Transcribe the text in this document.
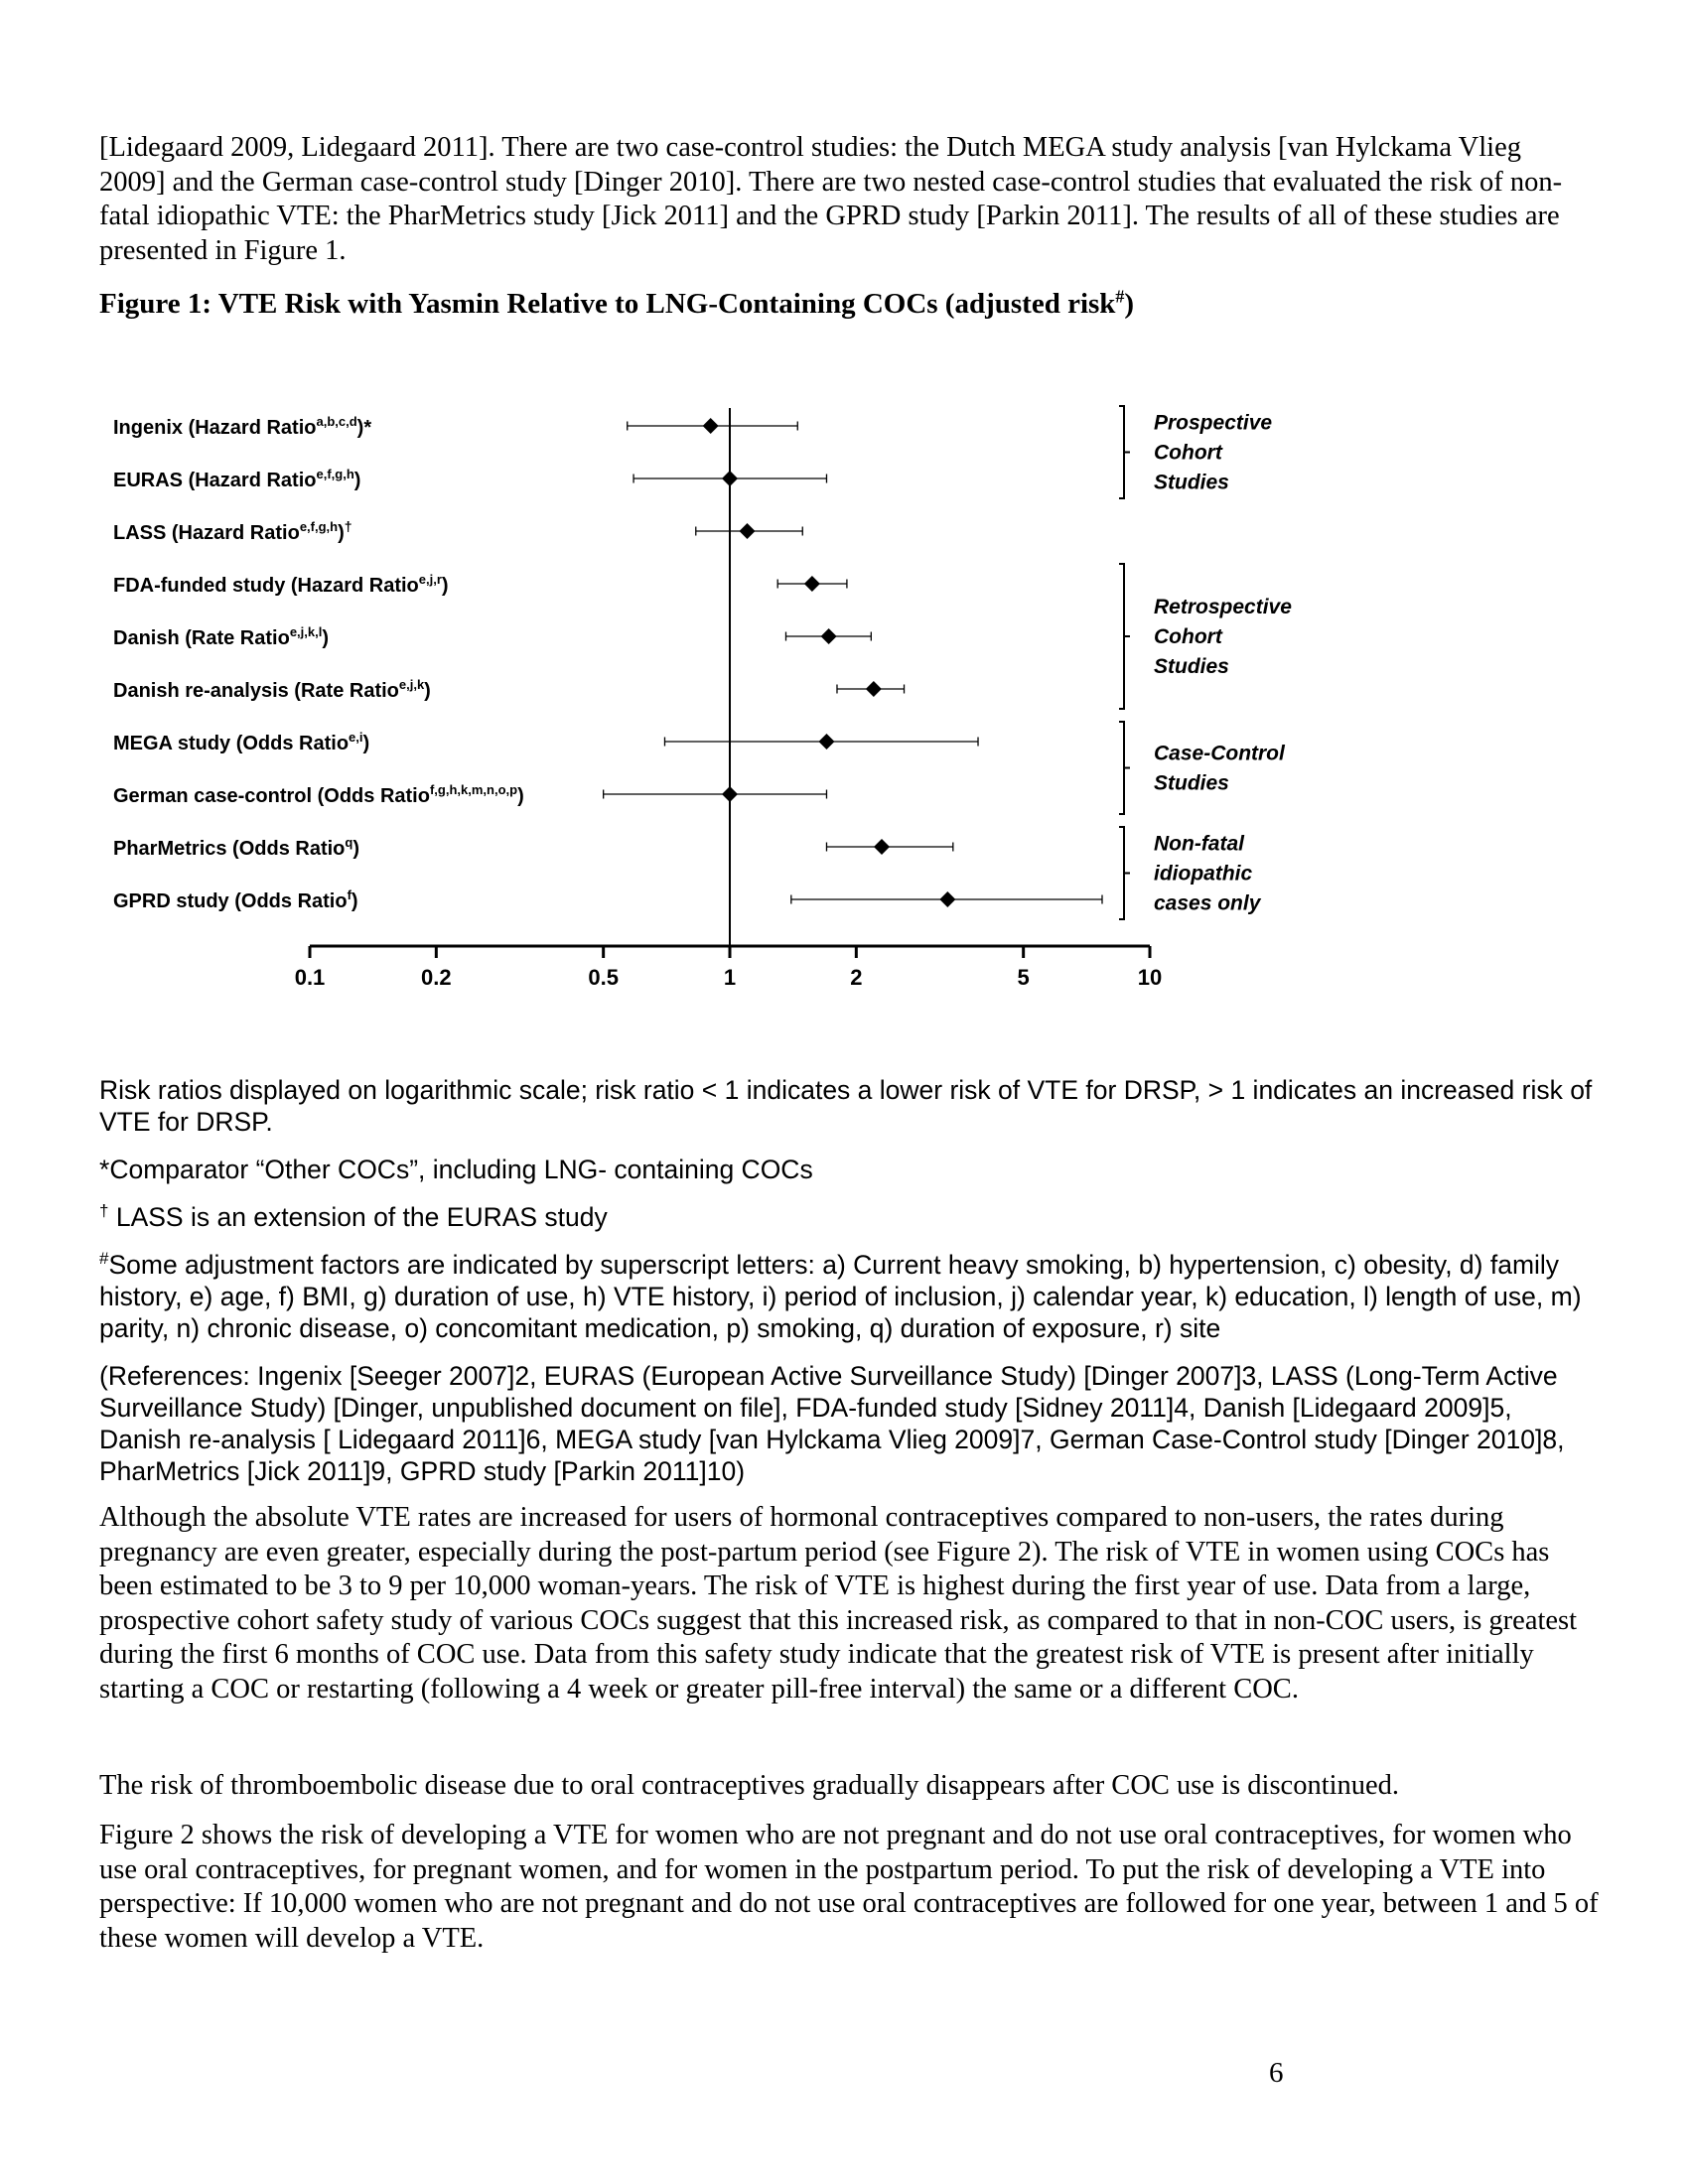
[Lidegaard 2009, Lidegaard 2011]. There are two case-control studies: the Dutch MEGA study analysis [van Hylckama Vlieg 2009] and the German case-control study [Dinger 2010]. There are two nested case-control studies that evaluated the risk of non-fatal idiopathic VTE: the PharMetrics study [Jick 2011] and the GPRD study [Parkin 2011]. The results of all of these studies are presented in Figure 1.

Figure 1: VTE Risk with Yasmin Relative to LNG-Containing COCs (adjusted risk#)
Ingenix (Hazard Ratio$^{a,b,c,d}$)*
EURAS (Hazard Ratio$^{e,f,g,h}$)
LASS (Hazard Ratio$^{e,f,g,h}$)†
FDA-funded study (Hazard Ratio$^{e,j,r}$)
Danish (Rate Ratio$^{e,j,k,l}$)
Danish re-analysis (Rate Ratio$^{e,j,k}$)
MEGA study (Odds Ratio$^{e,i}$)
German case-control (Odds Ratio$^{f,g,h,k,m,n,o,p}$)
PharMetrics (Odds Ratio$^q$)
GPRD study (Odds Ratio$^f$)
0.1	0.2	0.5	1	2	5	10
Prospective
Cohort
Studies
Retrospective
Cohort
Studies
Case-Control
Studies
Non-fatal
idiopathic
cases only
Risk ratios displayed on logarithmic scale; risk ratio < 1 indicates a lower risk of VTE for DRSP, > 1 indicates an increased risk of VTE for DRSP.
*Comparator “Other COCs”, including LNG- containing COCs
† LASS is an extension of the EURAS study
#Some adjustment factors are indicated by superscript letters: a) Current heavy smoking, b) hypertension, c) obesity, d) family history, e) age, f) BMI, g) duration of use, h) VTE history, i) period of inclusion, j) calendar year, k) education, l) length of use, m) parity, n) chronic disease, o) concomitant medication, p) smoking, q) duration of exposure, r) site
(References: Ingenix [Seeger 2007]2, EURAS (European Active Surveillance Study) [Dinger 2007]3, LASS (Long-Term Active Surveillance Study) [Dinger, unpublished document on file], FDA-funded study [Sidney 2011]4, Danish [Lidegaard 2009]5, Danish re-analysis [ Lidegaard 2011]6, MEGA study [van Hylckama Vlieg 2009]7, German Case-Control study [Dinger 2010]8, PharMetrics [Jick 2011]9, GPRD study [Parkin 2011]10)
Although the absolute VTE rates are increased for users of hormonal contraceptives compared to non-users, the rates during pregnancy are even greater, especially during the post-partum period (see Figure 2). The risk of VTE in women using COCs has been estimated to be 3 to 9 per 10,000 woman-years. The risk of VTE is highest during the first year of use. Data from a large, prospective cohort safety study of various COCs suggest that this increased risk, as compared to that in non-COC users, is greatest during the first 6 months of COC use. Data from this safety study indicate that the greatest risk of VTE is present after initially starting a COC or restarting (following a 4 week or greater pill-free interval) the same or a different COC.
The risk of thromboembolic disease due to oral contraceptives gradually disappears after COC use is discontinued.
Figure 2 shows the risk of developing a VTE for women who are not pregnant and do not use oral contraceptives, for women who use oral contraceptives, for pregnant women, and for women in the postpartum period. To put the risk of developing a VTE into perspective: If 10,000 women who are not pregnant and do not use oral contraceptives are followed for one year, between 1 and 5 of these women will develop a VTE.
6
